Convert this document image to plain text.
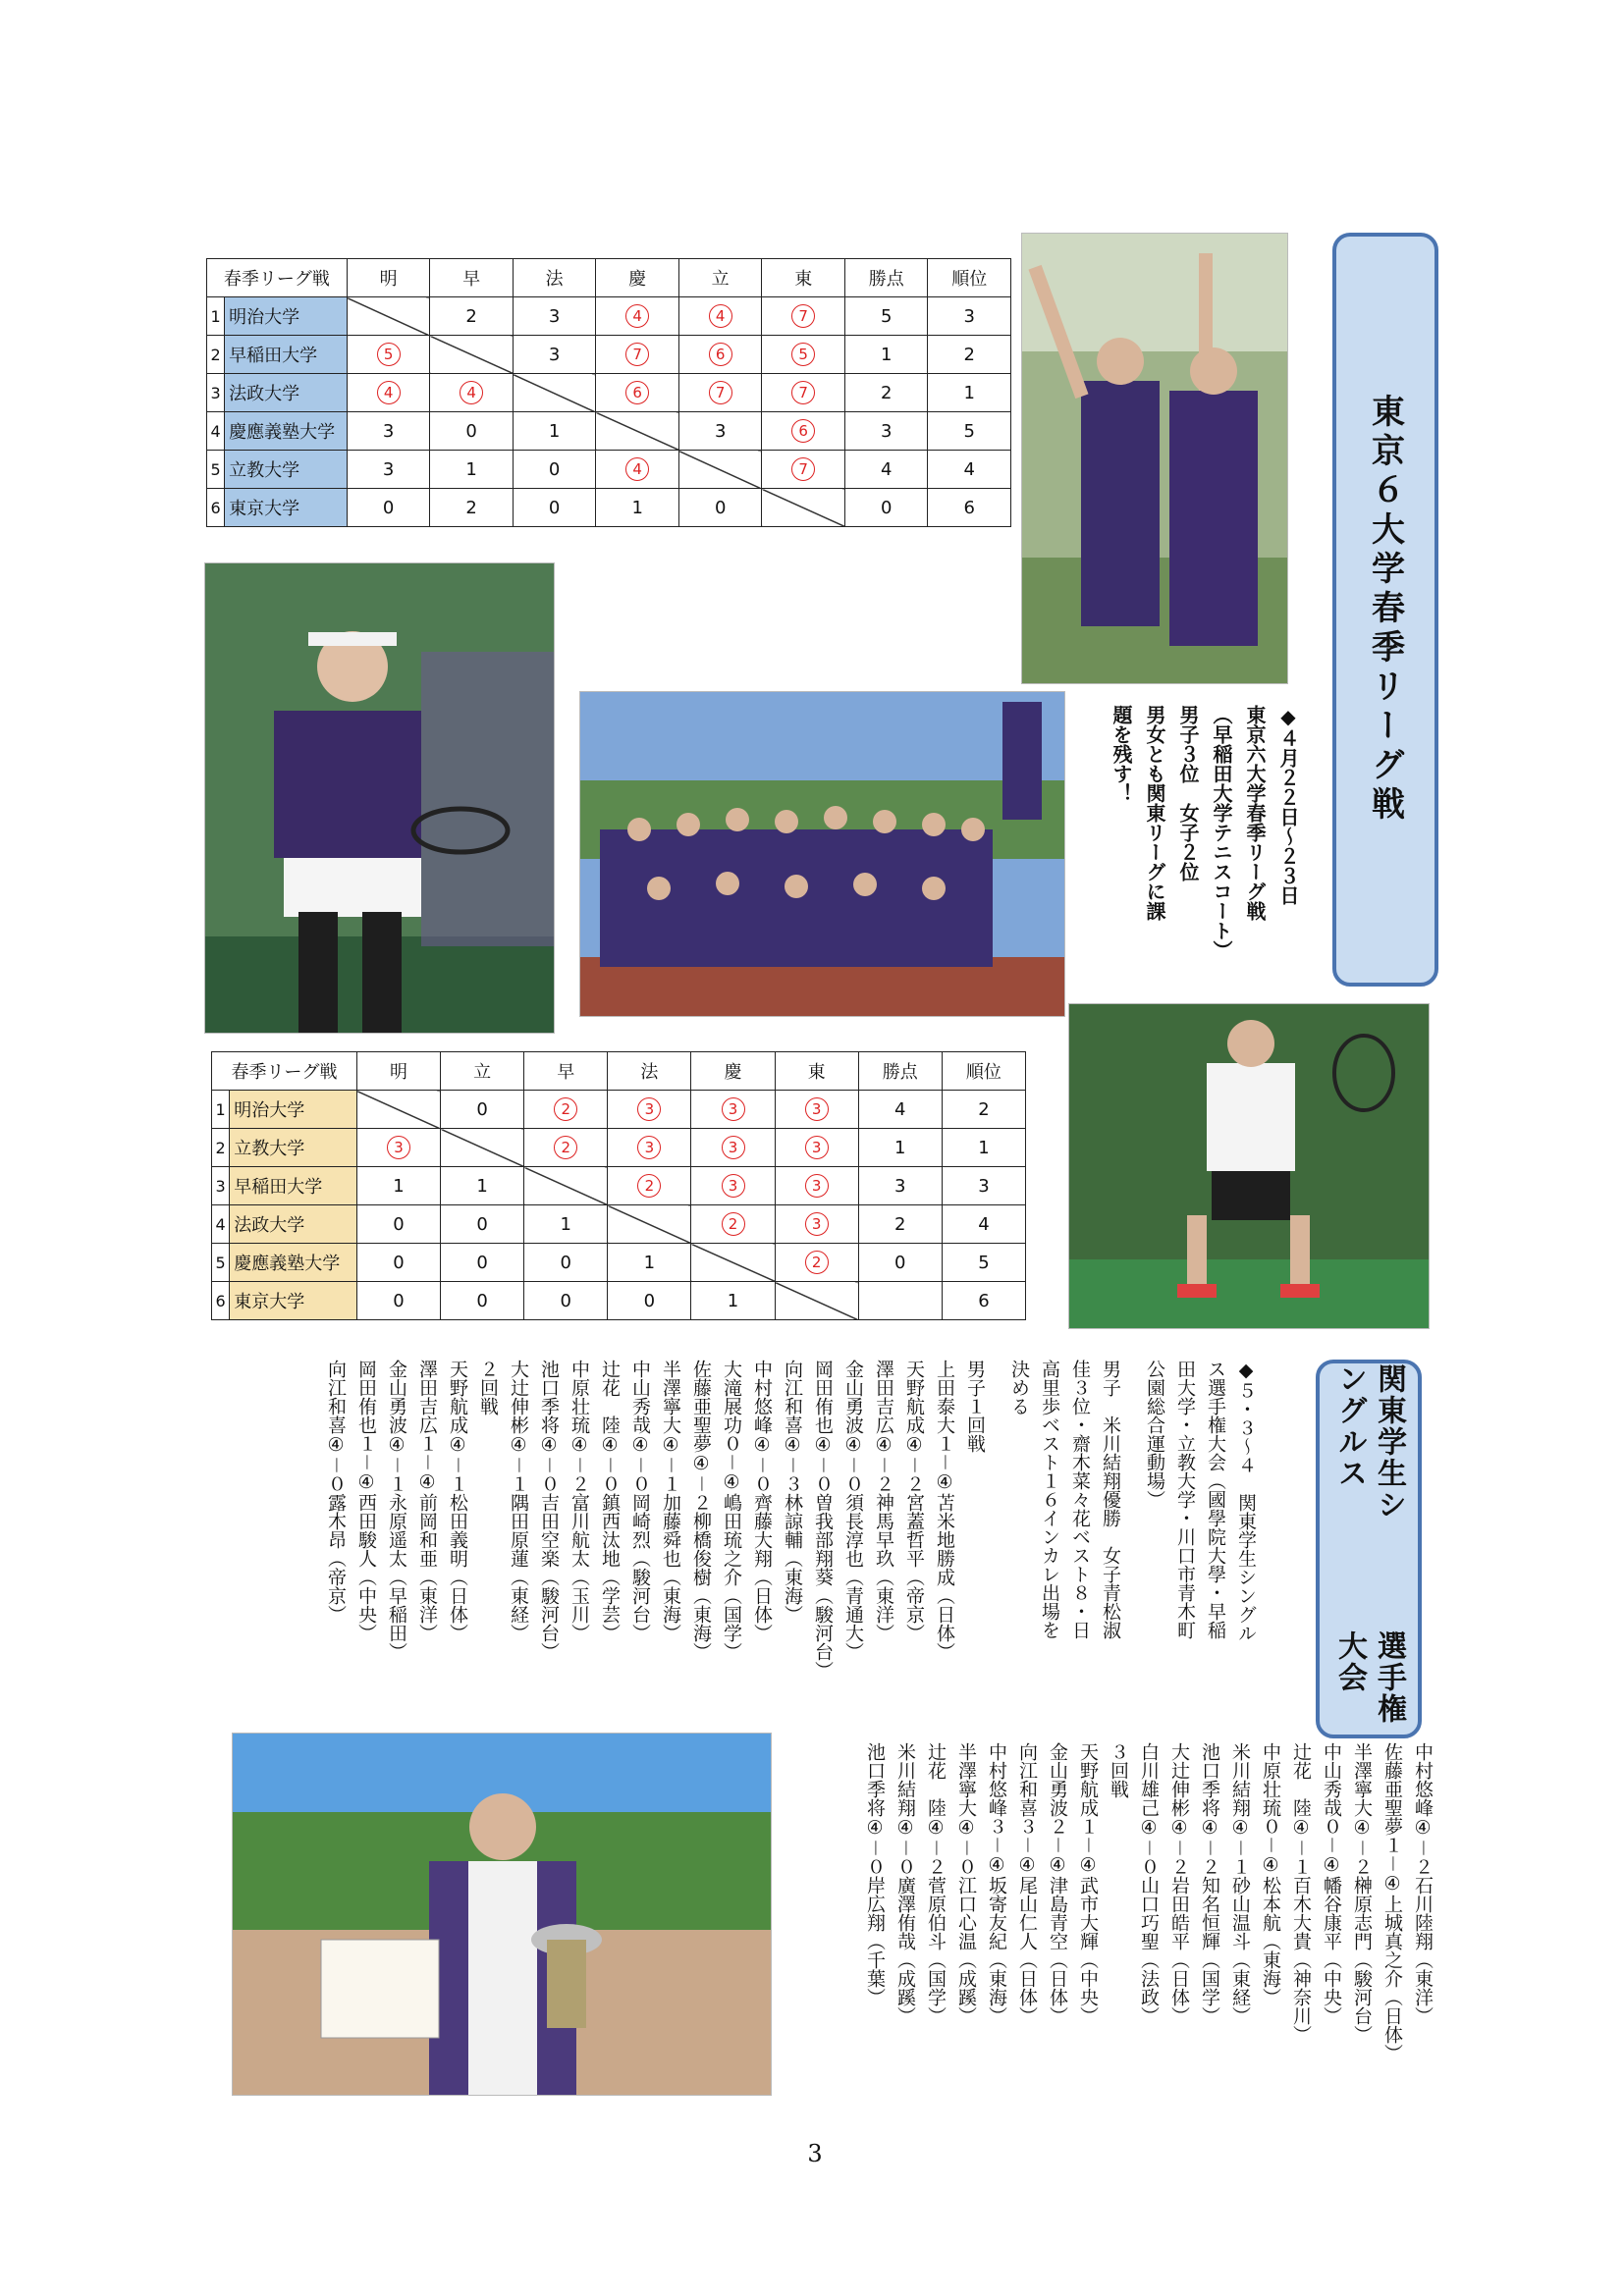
春季リーグ戦		明	早	法	慶	立	東	勝点	順位
1	明治大学		2	3	4	4	7	5	3
2	早稲田大学	5		3	7	6	5	1	2
3	法政大学	4	4		6	7	7	2	1
4	慶應義塾大学	3	0	1		3	6	3	5
5	立教大学	3	1	0	4		7	4	4
6	東京大学	0	2	0	1	0		0	6
春季リーグ戦		明	立	早	法	慶	東	勝点	順位
1	明治大学		0	2	3	3	3	4	2
2	立教大学	3		2	3	3	3	1	1
3	早稲田大学	1	1		2	3	3	3	3
4	法政大学	0	0	1		2	3	2	4
5	慶應義塾大学	0	0	0	1		2	0	5
6	東京大学	0	0	0	0	1			6
東京６大学春季リーグ戦
◆４月２２日〜２３日
東京六大学春季リーグ戦
（早稲田大学テニスコート）
男子３位　女子２位
男女とも関東リーグに課
題を残す！
関東学生シングルス
選手権大会
◆５・３〜４　関東学生シングル
ス選手権大会（國學院大學・早稲
田大学・立教大学・川口市青木町
公園総合運動場）
男子　米川結翔優勝　女子青松淑
佳３位・齋木菜々花ベスト８・日
高里歩ベスト１６インカレ出場を
決める
男子１回戦
上田泰大１－④苫米地勝成（日体）
天野航成④－２宮蓋哲平（帝京）
澤田吉広④－２神馬早玖（東洋）
金山勇波④－０須長淳也（青通大）
岡田侑也④－０曽我部翔葵（駿河台）
向江和喜④－３林諒輔（東海）
中村悠峰④－０齊藤大翔（日体）
大滝展功０－④嶋田琉之介（国学）
佐藤亜聖夢④－２柳橋俊樹（東海）
半澤寧大④－１加藤舜也（東海）
中山秀哉④－０岡崎烈（駿河台）
辻花　陸④－０鎮西汰地（学芸）
中原壮琉④－２富川航太（玉川）
池口季将④－０吉田空楽（駿河台）
大辻伸彬④－１隅田原蓮（東経）
２回戦
天野航成④－１松田義明（日体）
澤田吉広１－④前岡和亜（東洋）
金山勇波④－１永原遥太（早稲田）
岡田侑也１－④西田駿人（中央）
向江和喜④－０露木昂（帝京）
中村悠峰④－２石川陸翔（東洋）
佐藤亜聖夢１－④上城真之介（日体）
半澤寧大④－２榊原志門（駿河台）
中山秀哉０－④幡谷康平（中央）
辻花　陸④－１百木大貴（神奈川）
中原壮琉０－④松本航（東海）
米川結翔④－１砂山温斗（東経）
池口季将④－２知名恒輝（国学）
大辻伸彬④－２岩田皓平（日体）
白川雄己④－０山口巧聖（法政）
３回戦
天野航成１－④武市大輝（中央）
金山勇波２－④津島青空（日体）
向江和喜３－④尾山仁人（日体）
中村悠峰３－④坂寄友紀（東海）
半澤寧大④－０江口心温（成蹊）
辻花　陸④－２菅原伯斗（国学）
米川結翔④－０廣澤侑哉（成蹊）
池口季将④－０岸広翔（千葉）
3
